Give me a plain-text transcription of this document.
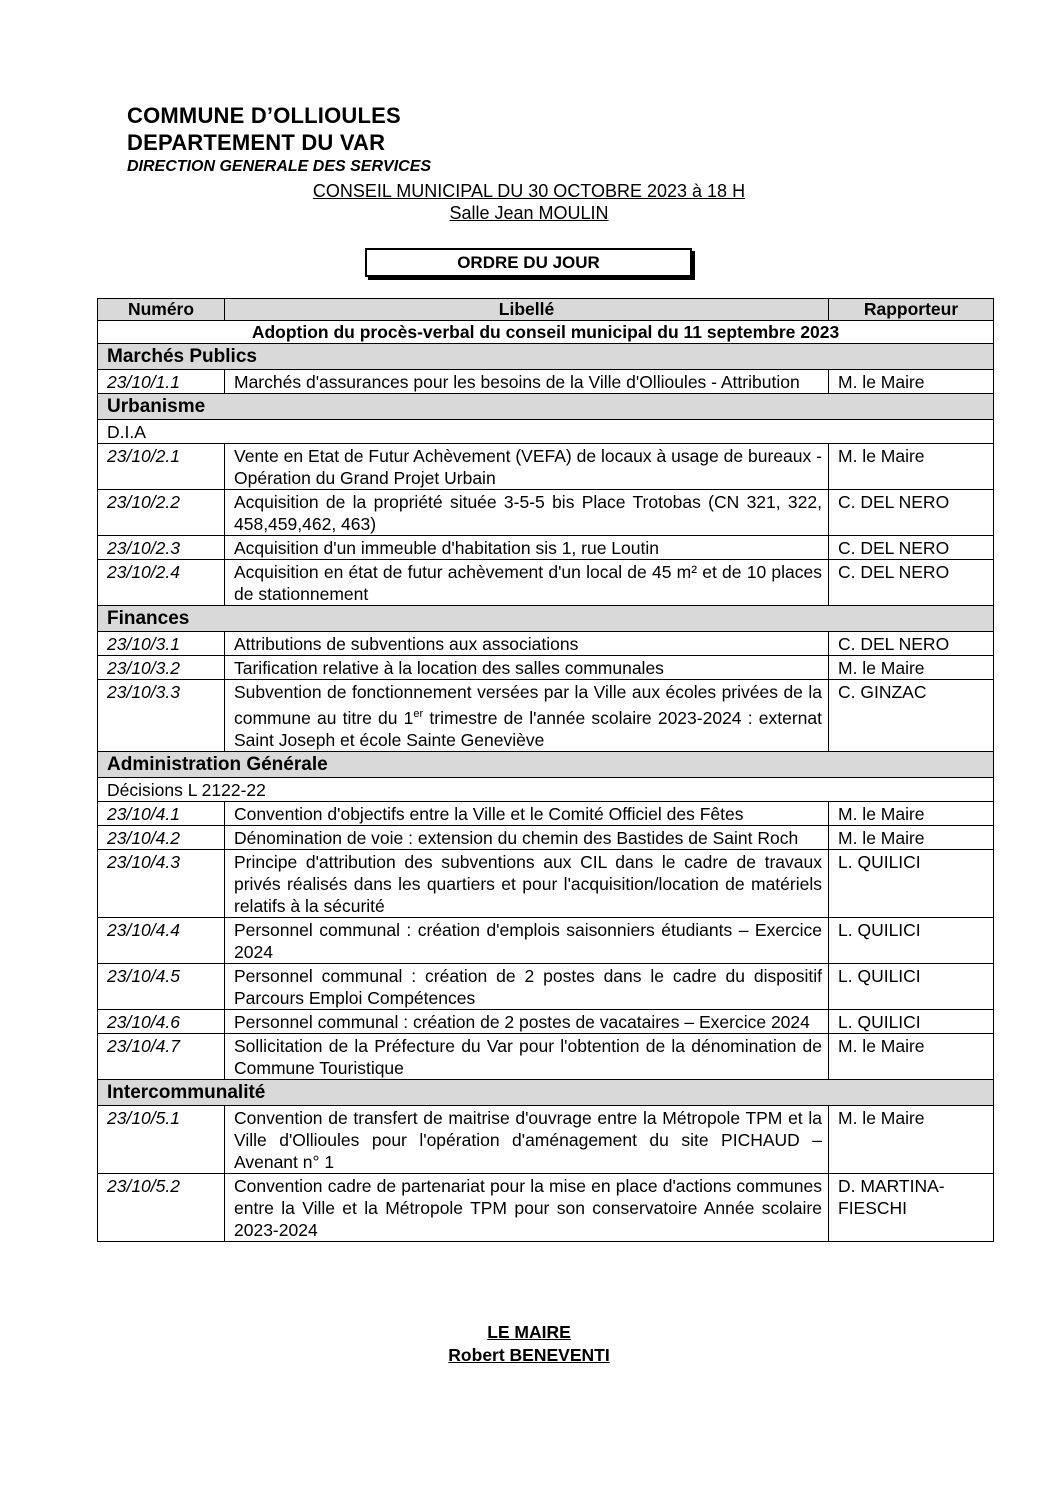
COMMUNE D’OLLIOULES
DEPARTEMENT DU VAR
DIRECTION GENERALE DES SERVICES
CONSEIL MUNICIPAL DU 30 OCTOBRE 2023 à 18 H
Salle Jean MOULIN
ORDRE DU JOUR
Numéro	Libellé	Rapporteur
Adoption du procès-verbal du conseil municipal du 11 septembre 2023		
Marchés Publics		
23/10/1.1	Marchés d'assurances pour les besoins de la Ville d'Ollioules - Attribution	M. le Maire
Urbanisme		
D.I.A		
23/10/2.1	Vente en Etat de Futur Achèvement (VEFA) de locaux à usage de bureaux - Opération du Grand Projet Urbain	M. le Maire
23/10/2.2	Acquisition de la propriété située 3-5-5 bis Place Trotobas (CN 321, 322, 458,459,462, 463)	C. DEL NERO
23/10/2.3	Acquisition d'un immeuble d'habitation sis 1, rue Loutin	C. DEL NERO
23/10/2.4	Acquisition en état de futur achèvement d'un local de 45 m² et de 10 places de stationnement	C. DEL NERO
Finances		
23/10/3.1	Attributions de subventions aux associations	C. DEL NERO
23/10/3.2	Tarification relative à la location des salles communales	M. le Maire
23/10/3.3	Subvention de fonctionnement versées par la Ville aux écoles privées de la commune au titre du 1er trimestre de l'année scolaire 2023-2024 : externat Saint Joseph et école Sainte Geneviève	C. GINZAC
Administration Générale		
Décisions L 2122-22		
23/10/4.1	Convention d'objectifs entre la Ville et le Comité Officiel des Fêtes	M. le Maire
23/10/4.2	Dénomination de voie : extension du chemin des Bastides de Saint Roch	M. le Maire
23/10/4.3	Principe d'attribution des subventions aux CIL dans le cadre de travaux privés réalisés dans les quartiers et pour l'acquisition/location de matériels relatifs à la sécurité	L. QUILICI
23/10/4.4	Personnel communal : création d'emplois saisonniers étudiants – Exercice 2024	L. QUILICI
23/10/4.5	Personnel communal : création de 2 postes dans le cadre du dispositif Parcours Emploi Compétences	L. QUILICI
23/10/4.6	Personnel communal : création de 2 postes de vacataires – Exercice 2024	L. QUILICI
23/10/4.7	Sollicitation de la Préfecture du Var pour l'obtention de la dénomination de Commune Touristique	M. le Maire
Intercommunalité		
23/10/5.1	Convention de transfert de maitrise d'ouvrage entre la Métropole TPM et la Ville d'Ollioules pour l'opération d'aménagement du site PICHAUD – Avenant n° 1	M. le Maire
23/10/5.2	Convention cadre de partenariat pour la mise en place d'actions communes entre la Ville et la Métropole TPM pour son conservatoire Année scolaire 2023-2024	D. MARTINA-FIESCHI
LE MAIRE
Robert BENEVENTI
